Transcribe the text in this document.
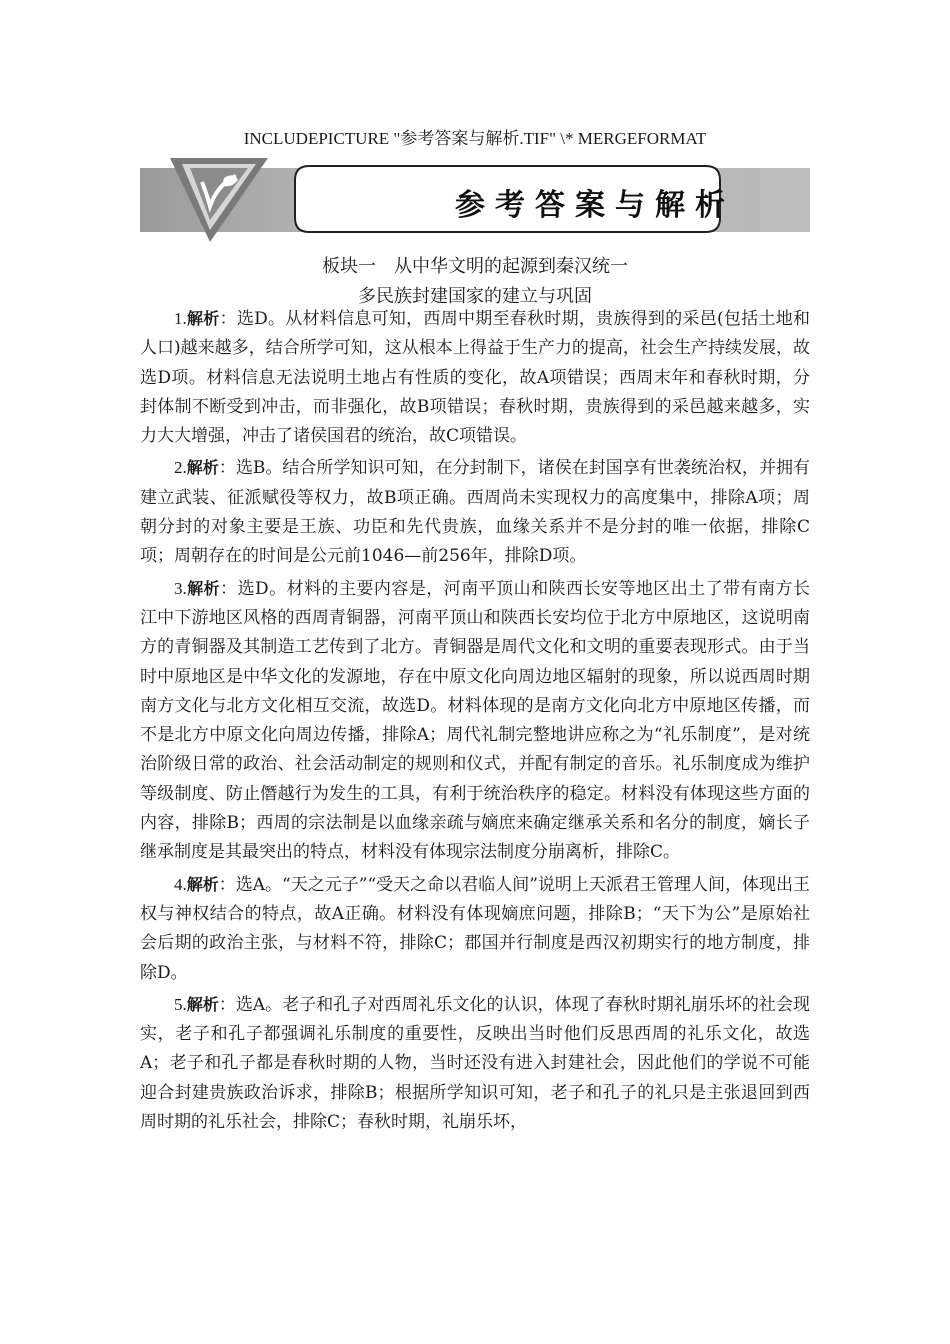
INCLUDEPICTURE "参考答案与解析.TIF" \* MERGEFORMAT
参考答案与解析
板块一　从中华文明的起源到秦汉统一
多民族封建国家的建立与巩固

1.解析：选D。从材料信息可知，西周中期至春秋时期，贵族得到的采邑(包括土地和人口)越来越多，结合所学可知，这从根本上得益于生产力的提高，社会生产持续发展，故选D项。材料信息无法说明土地占有性质的变化，故A项错误；西周末年和春秋时期，分封体制不断受到冲击，而非强化，故B项错误；春秋时期，贵族得到的采邑越来越多，实力大大增强，冲击了诸侯国君的统治，故C项错误。

2.解析：选B。结合所学知识可知，在分封制下，诸侯在封国享有世袭统治权，并拥有建立武装、征派赋役等权力，故B项正确。西周尚未实现权力的高度集中，排除A项；周朝分封的对象主要是王族、功臣和先代贵族，血缘关系并不是分封的唯一依据，排除C项；周朝存在的时间是公元前1046—前256年，排除D项。

3.解析：选D。材料的主要内容是，河南平顶山和陕西长安等地区出土了带有南方长江中下游地区风格的西周青铜器，河南平顶山和陕西长安均位于北方中原地区，这说明南方的青铜器及其制造工艺传到了北方。青铜器是周代文化和文明的重要表现形式。由于当时中原地区是中华文化的发源地，存在中原文化向周边地区辐射的现象，所以说西周时期南方文化与北方文化相互交流，故选D。材料体现的是南方文化向北方中原地区传播，而不是北方中原文化向周边传播，排除A；周代礼制完整地讲应称之为“礼乐制度”，是对统治阶级日常的政治、社会活动制定的规则和仪式，并配有制定的音乐。礼乐制度成为维护等级制度、防止僭越行为发生的工具，有利于统治秩序的稳定。材料没有体现这些方面的内容，排除B；西周的宗法制是以血缘亲疏与嫡庶来确定继承关系和名分的制度，嫡长子继承制度是其最突出的特点，材料没有体现宗法制度分崩离析，排除C。

4.解析：选A。“天之元子”“受天之命以君临人间”说明上天派君王管理人间，体现出王权与神权结合的特点，故A正确。材料没有体现嫡庶问题，排除B；“天下为公”是原始社会后期的政治主张，与材料不符，排除C；郡国并行制度是西汉初期实行的地方制度，排除D。

5.解析：选A。老子和孔子对西周礼乐文化的认识，体现了春秋时期礼崩乐坏的社会现实，老子和孔子都强调礼乐制度的重要性，反映出当时他们反思西周的礼乐文化，故选A；老子和孔子都是春秋时期的人物，当时还没有进入封建社会，因此他们的学说不可能迎合封建贵族政治诉求，排除B；根据所学知识可知，老子和孔子的礼只是主张退回到西周时期的礼乐社会，排除C；春秋时期，礼崩乐坏，
